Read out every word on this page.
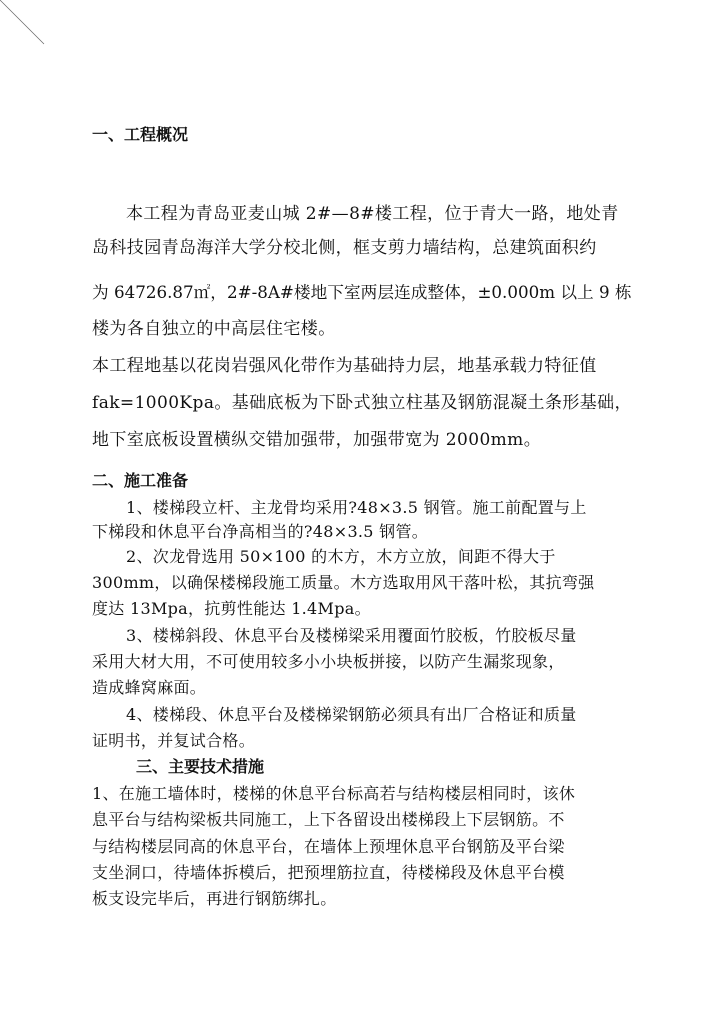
一、工程概况
本工程为青岛亚麦山城 2#—8#楼工程，位于青大一路，地处青
岛科技园青岛海洋大学分校北侧，框支剪力墙结构，总建筑面积约
为 64726.87㎡，2#-8A#楼地下室两层连成整体，±0.000m 以上 9 栋
楼为各自独立的中高层住宅楼。
本工程地基以花岗岩强风化带作为基础持力层，地基承载力特征值
fak=1000Kpa。基础底板为下卧式独立柱基及钢筋混凝土条形基础，
地下室底板设置横纵交错加强带，加强带宽为 2000mm。
二、施工准备
1、楼梯段立杆、主龙骨均采用?48×3.5 钢管。施工前配置与上
下梯段和休息平台净高相当的?48×3.5 钢管。
2、次龙骨选用 50×100 的木方，木方立放，间距不得大于
300mm，以确保楼梯段施工质量。木方选取用风干落叶松，其抗弯强
度达 13Mpa，抗剪性能达 1.4Mpa。
3、楼梯斜段、休息平台及楼梯梁采用覆面竹胶板，竹胶板尽量
采用大材大用，不可使用较多小小块板拼接，以防产生漏浆现象，
造成蜂窝麻面。
4、楼梯段、休息平台及楼梯梁钢筋必须具有出厂合格证和质量
证明书，并复试合格。
三、主要技术措施
1、在施工墙体时，楼梯的休息平台标高若与结构楼层相同时，该休
息平台与结构梁板共同施工，上下各留设出楼梯段上下层钢筋。不
与结构楼层同高的休息平台，在墙体上预埋休息平台钢筋及平台梁
支坐洞口，待墙体拆模后，把预埋筋拉直，待楼梯段及休息平台模
板支设完毕后，再进行钢筋绑扎。
